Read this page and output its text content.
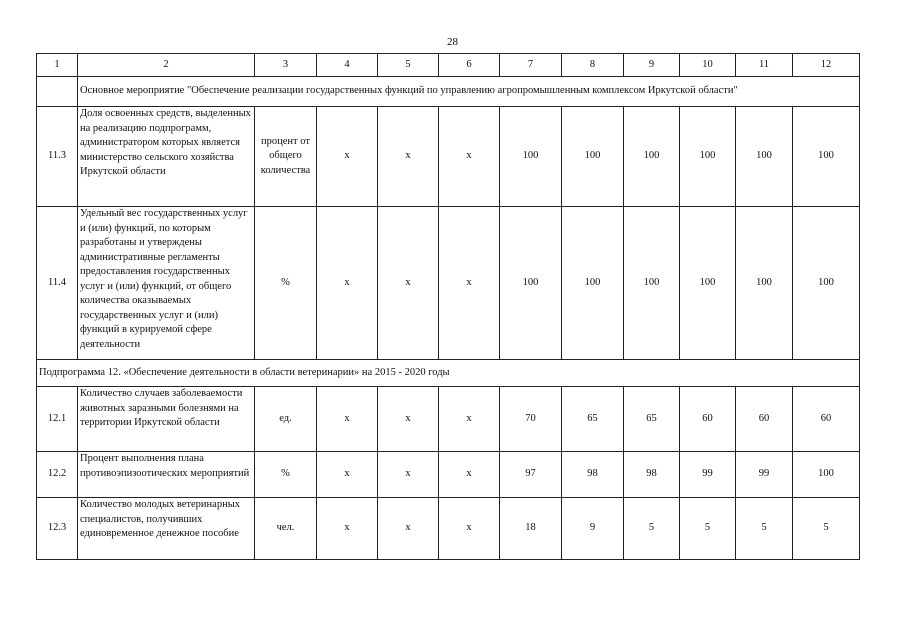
28
1	2	3	4	5	6	7	8	9	10	11	12
	Основное мероприятие "Обеспечение реализации государственных функций по управлению агропромышленным комплексом Иркутской области"										
11.3	Доля освоенных средств, выделенных на реализацию подпрограмм, администратором которых является министерство сельского хозяйства Иркутской области	процент от общего количества	x	x	x	100	100	100	100	100	100
11.4	Удельный вес государственных услуг и (или) функций, по которым разработаны и утверждены административные регламенты предоставления государственных услуг и (или) функций, от общего количества оказываемых государственных услуг и (или) функций в курируемой сфере деятельности	%	x	x	x	100	100	100	100	100	100
Подпрограмма 12. «Обеспечение деятельности в области ветеринарии» на 2015 - 2020 годы											
12.1	Количество случаев заболеваемости животных заразными болезнями на территории Иркутской области	ед.	x	x	x	70	65	65	60	60	60
12.2	Процент выполнения плана противоэпизоотических мероприятий	%	x	x	x	97	98	98	99	99	100
12.3	Количество молодых ветеринарных специалистов, получивших единовременное денежное пособие	чел.	x	x	x	18	9	5	5	5	5
